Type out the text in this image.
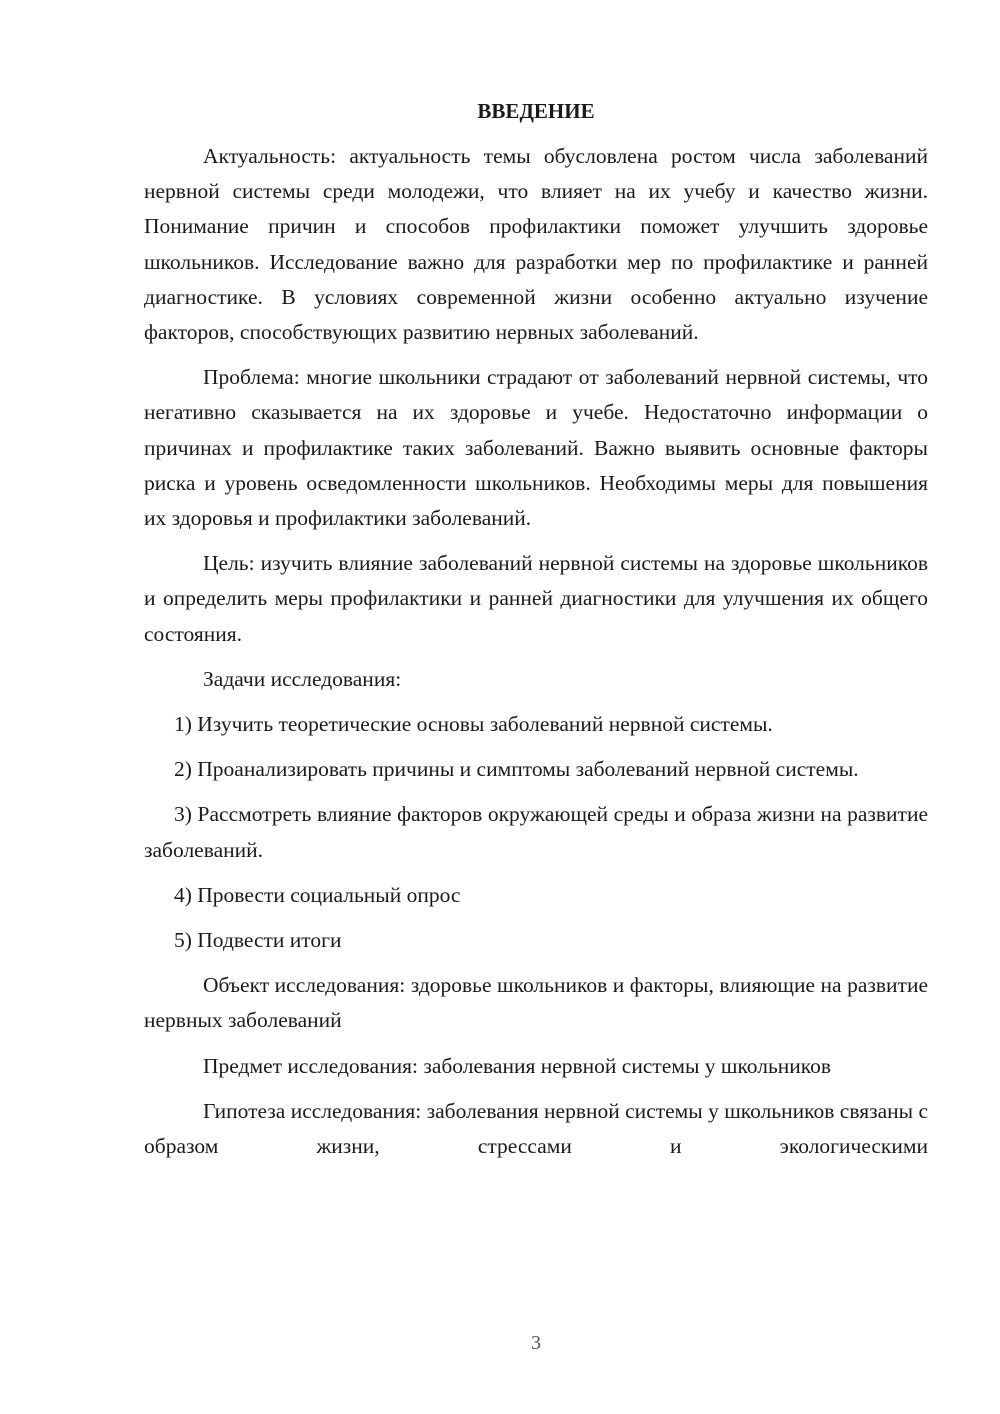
ВВЕДЕНИЕ

Актуальность: актуальность темы обусловлена ростом числа заболеваний нервной системы среди молодежи, что влияет на их учебу и качество жизни. Понимание причин и способов профилактики поможет улучшить здоровье школьников. Исследование важно для разработки мер по профилактике и ранней диагностике. В условиях современной жизни особенно актуально изучение факторов, способствующих развитию нервных заболеваний.

Проблема: многие школьники страдают от заболеваний нервной системы, что негативно сказывается на их здоровье и учебе. Недостаточно информации о причинах и профилактике таких заболеваний. Важно выявить основные факторы риска и уровень осведомленности школьников. Необходимы меры для повышения их здоровья и профилактики заболеваний.

Цель: изучить влияние заболеваний нервной системы на здоровье школьников и определить меры профилактики и ранней диагностики для улучшения их общего состояния.

Задачи исследования:

1) Изучить теоретические основы заболеваний нервной системы.

2) Проанализировать причины и симптомы заболеваний нервной системы.

3) Рассмотреть влияние факторов окружающей среды и образа жизни на развитие заболеваний.

4) Провести социальный опрос

5) Подвести итоги

Объект исследования: здоровье школьников и факторы, влияющие на развитие нервных заболеваний

Предмет исследования: заболевания нервной системы у школьников

Гипотеза исследования: заболевания нервной системы у школьников связаны с образом жизни, стрессами и экологическими

3
